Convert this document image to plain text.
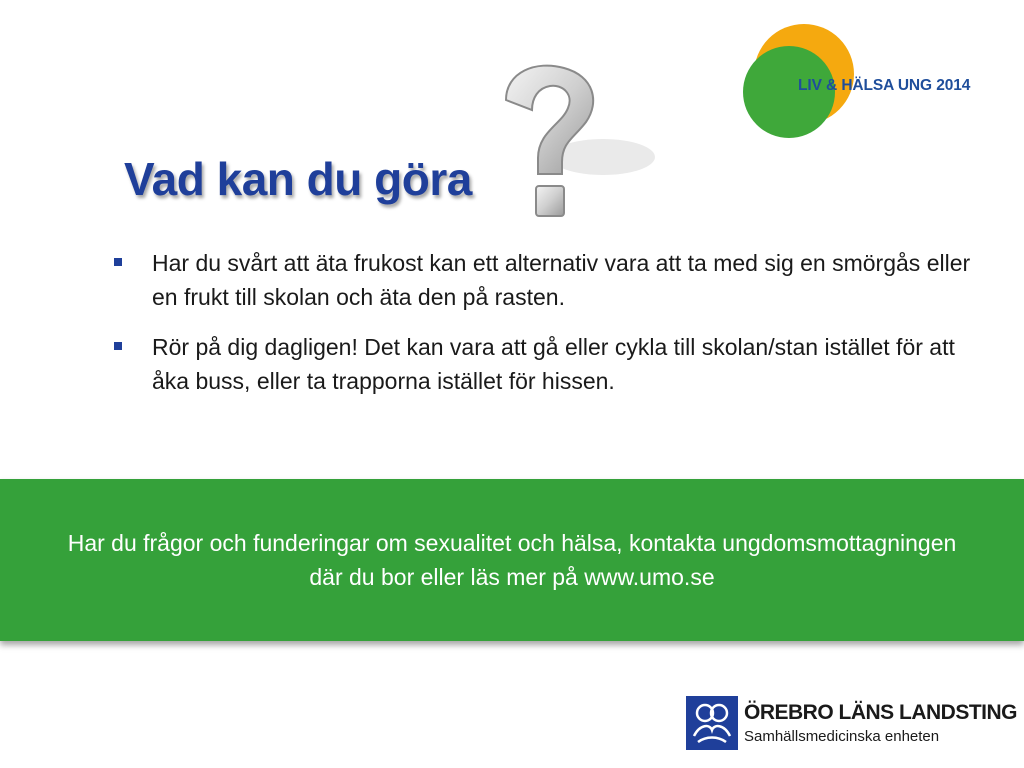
LIV & HÄLSA UNG 2014
Vad kan du göra
Har du svårt att äta frukost kan ett alternativ vara att ta med sig en smörgås eller en frukt till skolan och äta den på rasten.
Rör på dig dagligen! Det kan vara att gå eller cykla till skolan/stan istället för att åka buss, eller ta trapporna istället för hissen.
Har du frågor och funderingar om sexualitet och hälsa, kontakta ungdomsmottagningen där du bor eller läs mer på www.umo.se
ÖREBRO LÄNS LANDSTING
Samhällsmedicinska enheten
